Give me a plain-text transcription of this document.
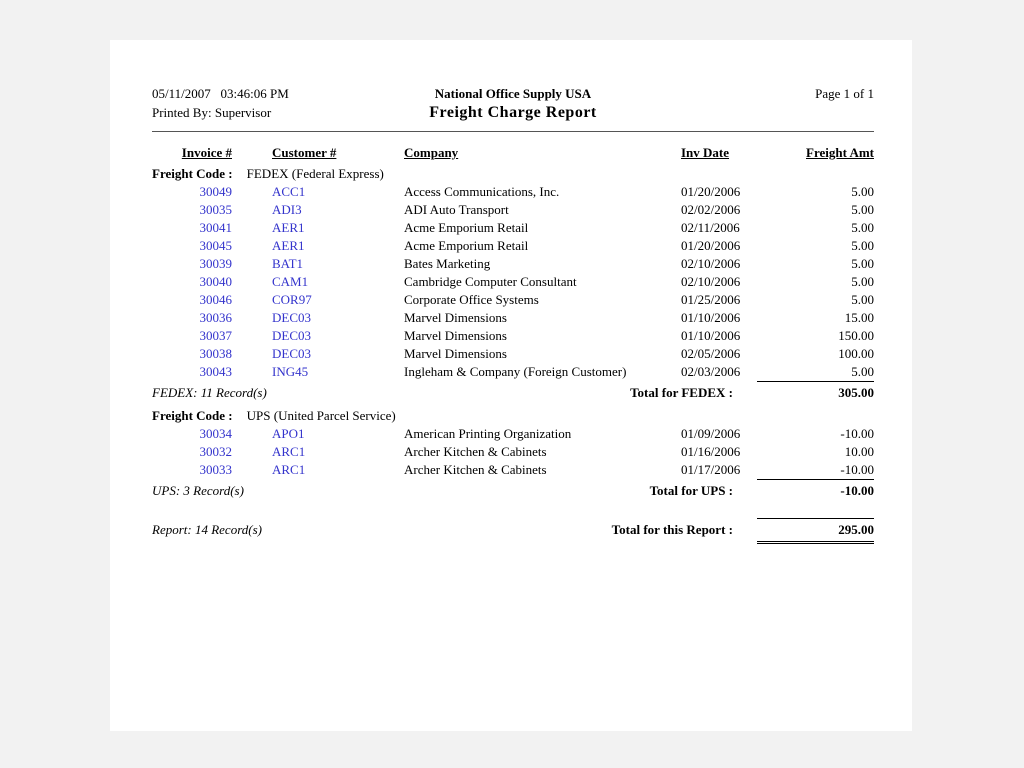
05/11/2007   03:46:06 PM	National Office Supply USA	Page 1 of 1
Printed By: Supervisor	Freight Charge Report
Invoice #	Customer #	Company	Inv Date	Freight Amt
Freight Code : FEDEX (Federal Express)
30049	ACC1	Access Communications, Inc.	01/20/2006	5.00
30035	ADI3	ADI Auto Transport	02/02/2006	5.00
30041	AER1	Acme Emporium Retail	02/11/2006	5.00
30045	AER1	Acme Emporium Retail	01/20/2006	5.00
30039	BAT1	Bates Marketing	02/10/2006	5.00
30040	CAM1	Cambridge Computer Consultant	02/10/2006	5.00
30046	COR97	Corporate Office Systems	01/25/2006	5.00
30036	DEC03	Marvel Dimensions	01/10/2006	15.00
30037	DEC03	Marvel Dimensions	01/10/2006	150.00
30038	DEC03	Marvel Dimensions	02/05/2006	100.00
30043	ING45	Ingleham & Company (Foreign Customer)	02/03/2006	5.00
FEDEX: 11 Record(s)	Total for FEDEX :	305.00
Freight Code : UPS (United Parcel Service)
30034	APO1	American Printing Organization	01/09/2006	-10.00
30032	ARC1	Archer Kitchen & Cabinets	01/16/2006	10.00
30033	ARC1	Archer Kitchen & Cabinets	01/17/2006	-10.00
UPS: 3 Record(s)	Total for UPS :	-10.00
Report: 14 Record(s)	Total for this Report :	295.00
